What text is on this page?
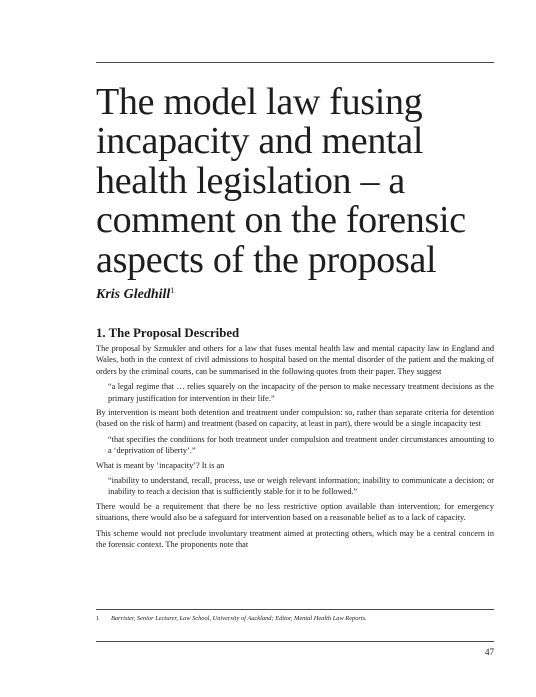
The model law fusing incapacity and mental health legislation – a comment on the forensic aspects of the proposal
Kris Gledhill$^1$
1. The Proposal Described

The proposal by Szmukler and others for a law that fuses mental health law and mental capacity law in England and Wales, both in the context of civil admissions to hospital based on the mental disorder of the patient and the making of orders by the criminal courts, can be summarised in the following quotes from their paper. They suggest

“a legal regime that … relies squarely on the incapacity of the person to make necessary treatment decisions as the primary justification for intervention in their life.”

By intervention is meant both detention and treatment under compulsion: so, rather than separate criteria for detention (based on the risk of harm) and treatment (based on capacity, at least in part), there would be a single incapacity test

“that specifies the conditions for both treatment under compulsion and treatment under circumstances amounting to a ‘deprivation of liberty’.”

What is meant by ‘incapacity’? It is an

“inability to understand, recall, process, use or weigh relevant information; inability to communicate a decision; or inability to reach a decision that is sufficiently stable for it to be followed.”

There would be a requirement that there be no less restrictive option available than intervention; for emergency situations, there would also be a safeguard for intervention based on a reasonable belief as to a lack of capacity.

This scheme would not preclude involuntary treatment aimed at protecting others, which may be a central concern in the forensic context. The proponents note that

1 Barrister, Senior Lecturer, Law School, University of Auckland; Editor, Mental Health Law Reports.
47
